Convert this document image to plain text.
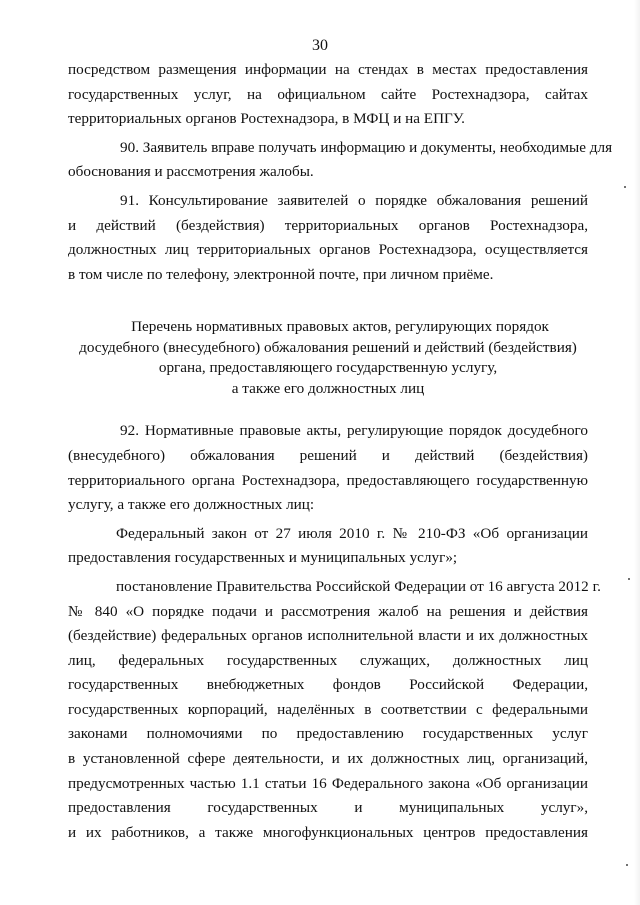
30
посредством размещения информации на стендах в местах предоставления
государственных услуг, на официальном сайте Ростехнадзора, сайтах
территориальных органов Ростехнадзора, в МФЦ и на ЕПГУ.
90. Заявитель вправе получать информацию и документы, необходимые для
обоснования и рассмотрения жалобы.
91. Консультирование заявителей о порядке обжалования решений
и действий (бездействия) территориальных органов Ростехнадзора,
должностных лиц территориальных органов Ростехнадзора, осуществляется
в том числе по телефону, электронной почте, при личном приёме.
Перечень нормативных правовых актов, регулирующих порядок
досудебного (внесудебного) обжалования решений и действий (бездействия)
органа, предоставляющего государственную услугу,
а также его должностных лиц
92. Нормативные правовые акты, регулирующие порядок досудебного
(внесудебного) обжалования решений и действий (бездействия)
территориального органа Ростехнадзора, предоставляющего государственную
услугу, а также его должностных лиц:
Федеральный закон от 27 июля 2010 г. № 210-ФЗ «Об организации
предоставления государственных и муниципальных услуг»;
постановление Правительства Российской Федерации от 16 августа 2012 г.
№ 840 «О порядке подачи и рассмотрения жалоб на решения и действия
(бездействие) федеральных органов исполнительной власти и их должностных
лиц, федеральных государственных служащих, должностных лиц
государственных внебюджетных фондов Российской Федерации,
государственных корпораций, наделённых в соответствии с федеральными
законами полномочиями по предоставлению государственных услуг
в установленной сфере деятельности, и их должностных лиц, организаций,
предусмотренных частью 1.1 статьи 16 Федерального закона «Об организации
предоставления государственных и муниципальных услуг»,
и их работников, а также многофункциональных центров предоставления
